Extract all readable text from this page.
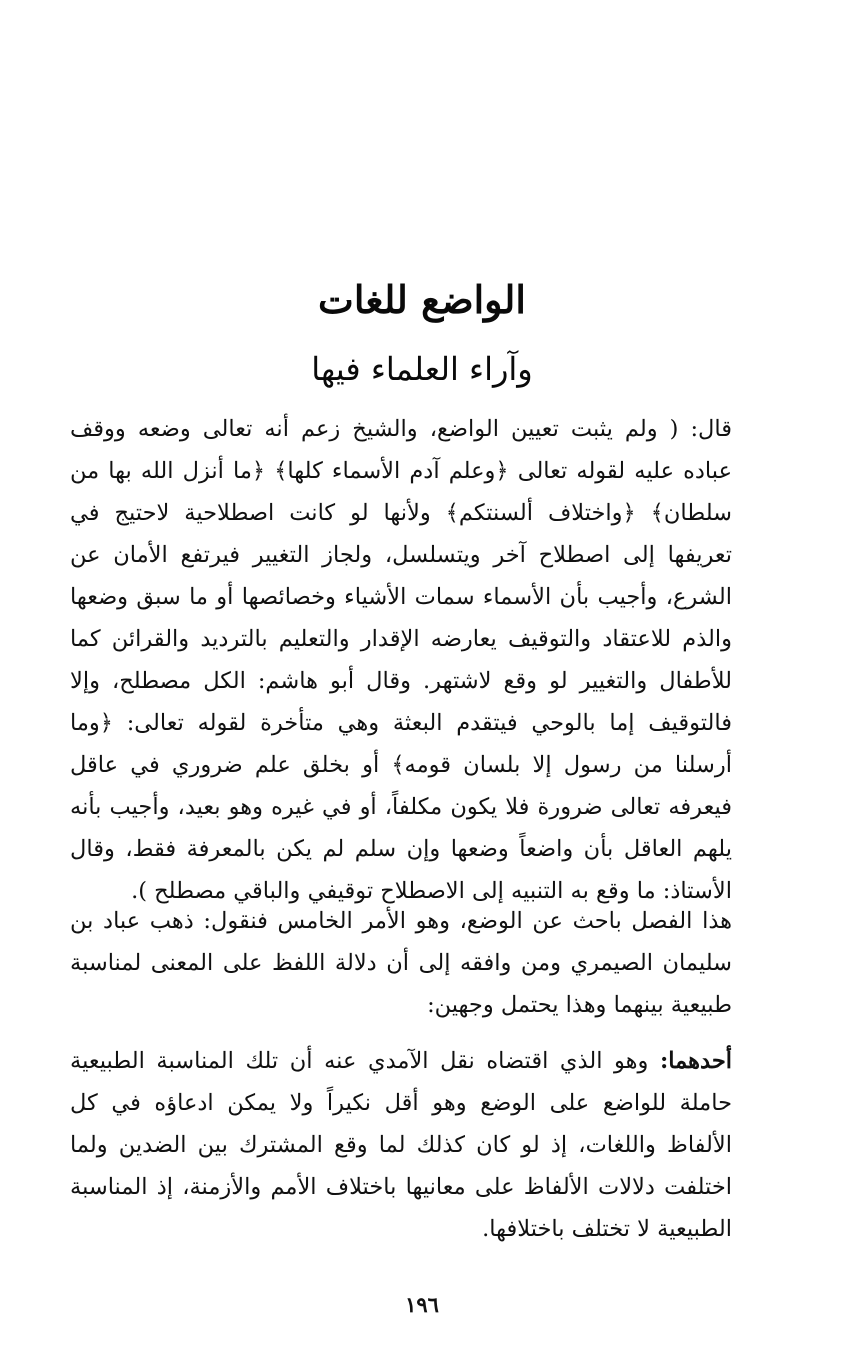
الواضع للغات
وآراء العلماء فيها

قال: ( ولم يثبت تعيين الواضع، والشيخ زعم أنه تعالى وضعه ووقف عباده عليه لقوله تعالى ﴿وعلم آدم الأسماء كلها﴾ ﴿ما أنزل الله بها من سلطان﴾ ﴿واختلاف ألسنتكم﴾ ولأنها لو كانت اصطلاحية لاحتيج في تعريفها إلى اصطلاح آخر ويتسلسل، ولجاز التغيير فيرتفع الأمان عن الشرع، وأجيب بأن الأسماء سمات الأشياء وخصائصها أو ما سبق وضعها والذم للاعتقاد والتوقيف يعارضه الإقدار والتعليم بالترديد والقرائن كما للأطفال والتغيير لو وقع لاشتهر. وقال أبو هاشم: الكل مصطلح، وإلا فالتوقيف إما بالوحي فيتقدم البعثة وهي متأخرة لقوله تعالى: ﴿وما أرسلنا من رسول إلا بلسان قومه﴾ أو بخلق علم ضروري في عاقل فيعرفه تعالى ضرورة فلا يكون مكلفاً، أو في غيره وهو بعيد، وأجيب بأنه يلهم العاقل بأن واضعاً وضعها وإن سلم لم يكن بالمعرفة فقط، وقال الأستاذ: ما وقع به التنبيه إلى الاصطلاح توقيفي والباقي مصطلح ).

هذا الفصل باحث عن الوضع، وهو الأمر الخامس فنقول: ذهب عباد بن سليمان الصيمري ومن وافقه إلى أن دلالة اللفظ على المعنى لمناسبة طبيعية بينهما وهذا يحتمل وجهين:

أحدهما: وهو الذي اقتضاه نقل الآمدي عنه أن تلك المناسبة الطبيعية حاملة للواضع على الوضع وهو أقل نكيراً ولا يمكن ادعاؤه في كل الألفاظ واللغات، إذ لو كان كذلك لما وقع المشترك بين الضدين ولما اختلفت دلالات الألفاظ على معانيها باختلاف الأمم والأزمنة، إذ المناسبة الطبيعية لا تختلف باختلافها.

١٩٦
